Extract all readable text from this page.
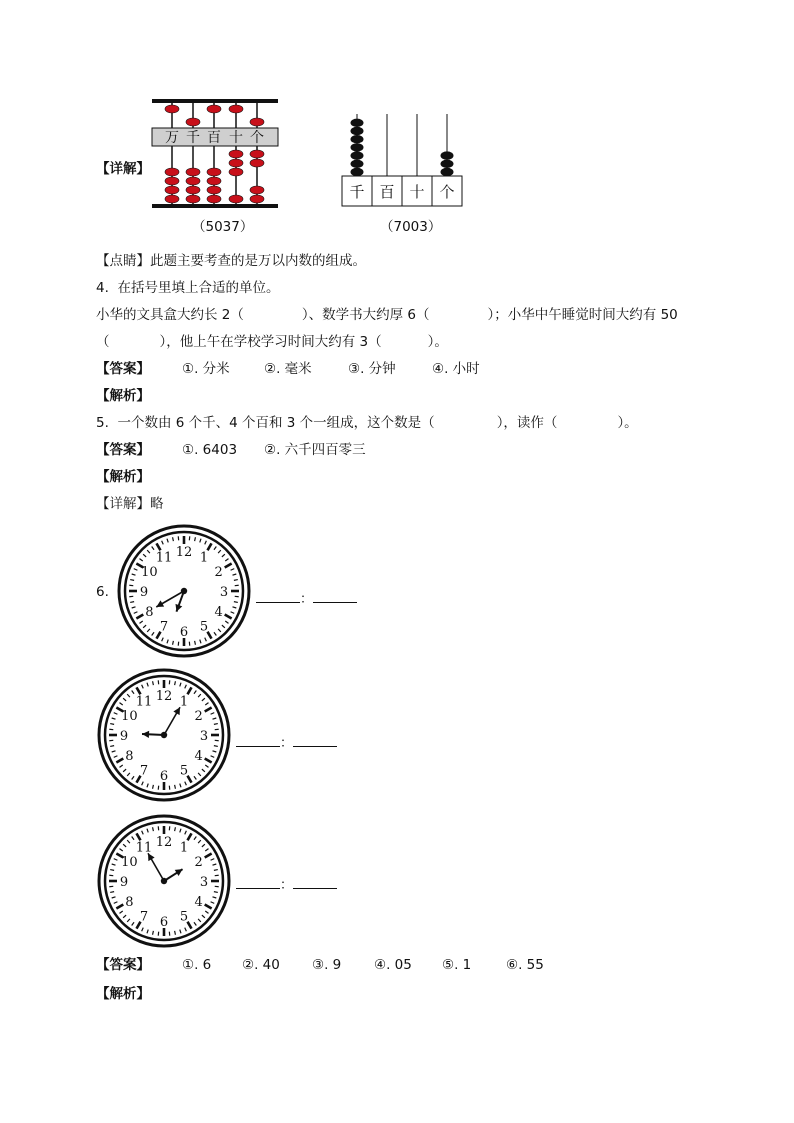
【详解】
万 千 百 十 个
（5037）
千 百 十 个
（7003）
【点睛】此题主要考查的是万以内数的组成。
4.  在括号里填上合适的单位。
小华的文具盒大约长 2（	）、数学书大约厚 6（	）；小华中午睡觉时间大约有 50
（	），他上午在学校学习时间大约有 3（	）。
【答案】 ①. 分米	②. 毫米	③. 分钟	④. 小时
【解析】
5.  一个数由 6 个千、4 个百和 3 个一组成，这个数是（	），读作（	）。
【答案】 ①. 6403 ②. 六千四百零三
【解析】
【详解】略
6.
12 1
2
3
4
5
6
7
8
9
10
11
：
12 1
2
3
4
5
6
7
8
9
10
11
：
12 1
2
3
4
5
6
7
8
9
10
11
：
【答案】 ①. 6 ②. 40 ③. 9 ④. 05 ⑤. 1	⑥. 55
【解析】
